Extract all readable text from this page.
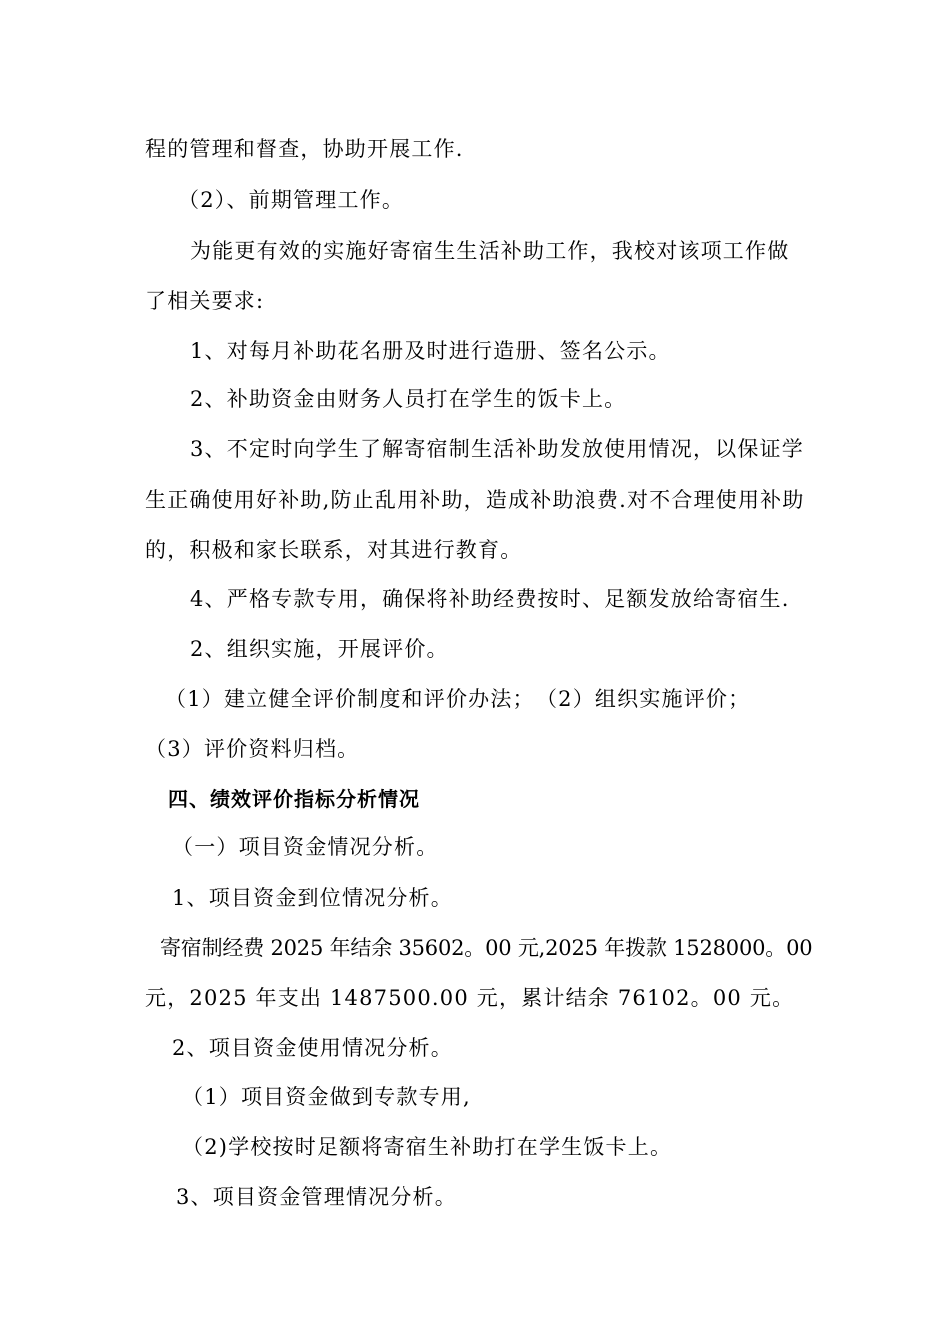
程的管理和督查，协助开展工作.
（2）、前期管理工作。
为能更有效的实施好寄宿生生活补助工作，我校对该项工作做
了相关要求:
1、对每月补助花名册及时进行造册、签名公示。
2、补助资金由财务人员打在学生的饭卡上。
3、不定时向学生了解寄宿制生活补助发放使用情况，以保证学
生正确使用好补助,防止乱用补助，造成补助浪费.对不合理使用补助
的，积极和家长联系，对其进行教育。
4、严格专款专用，确保将补助经费按时、足额发放给寄宿生.
2、组织实施，开展评价。
（1）建立健全评价制度和评价办法；　（2）组织实施评价；
（3）评价资料归档。
四、绩效评价指标分析情况
（一）项目资金情况分析。
1、项目资金到位情况分析。
寄宿制经费 2025 年结余 35602。00 元,2025 年拨款 1528000。00
元，2025 年支出 1487500.00 元，累计结余 76102。00 元。
2、项目资金使用情况分析。
（1）项目资金做到专款专用,
（2)学校按时足额将寄宿生补助打在学生饭卡上。
3、项目资金管理情况分析。
